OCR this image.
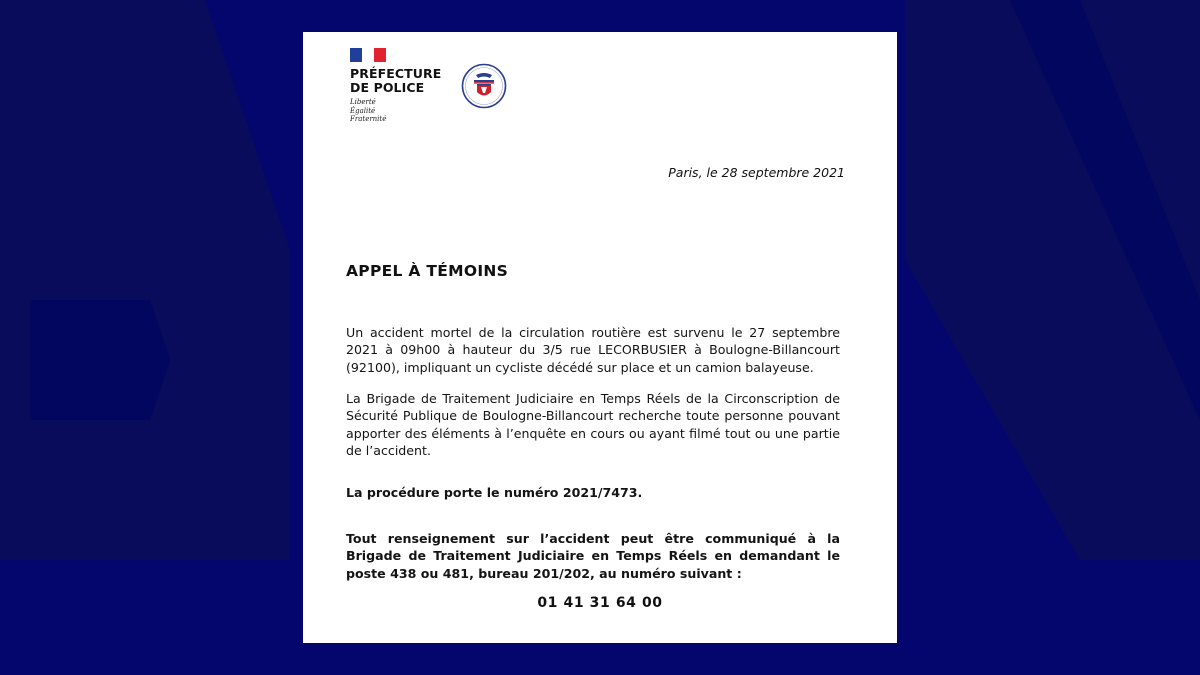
PRÉFECTURE
DE POLICE
Liberté
Égalité
Fraternité
Paris, le 28 septembre 2021
APPEL À TÉMOINS
Un accident mortel de la circulation routière est survenu le 27 septembre 2021 à 09h00 à hauteur du 3/5 rue LECORBUSIER à Boulogne-Billancourt (92100), impliquant un cycliste décédé sur place et un camion balayeuse.
La Brigade de Traitement Judiciaire en Temps Réels de la Circonscription de Sécurité Publique de Boulogne-Billancourt recherche toute personne pouvant apporter des éléments à l’enquête en cours ou ayant filmé tout ou une partie de l’accident.
La procédure porte le numéro 2021/7473.
Tout renseignement sur l’accident peut être communiqué à la Brigade de Traitement Judiciaire en Temps Réels en demandant le poste 438 ou 481, bureau 201/202, au numéro suivant :
01 41 31 64 00
